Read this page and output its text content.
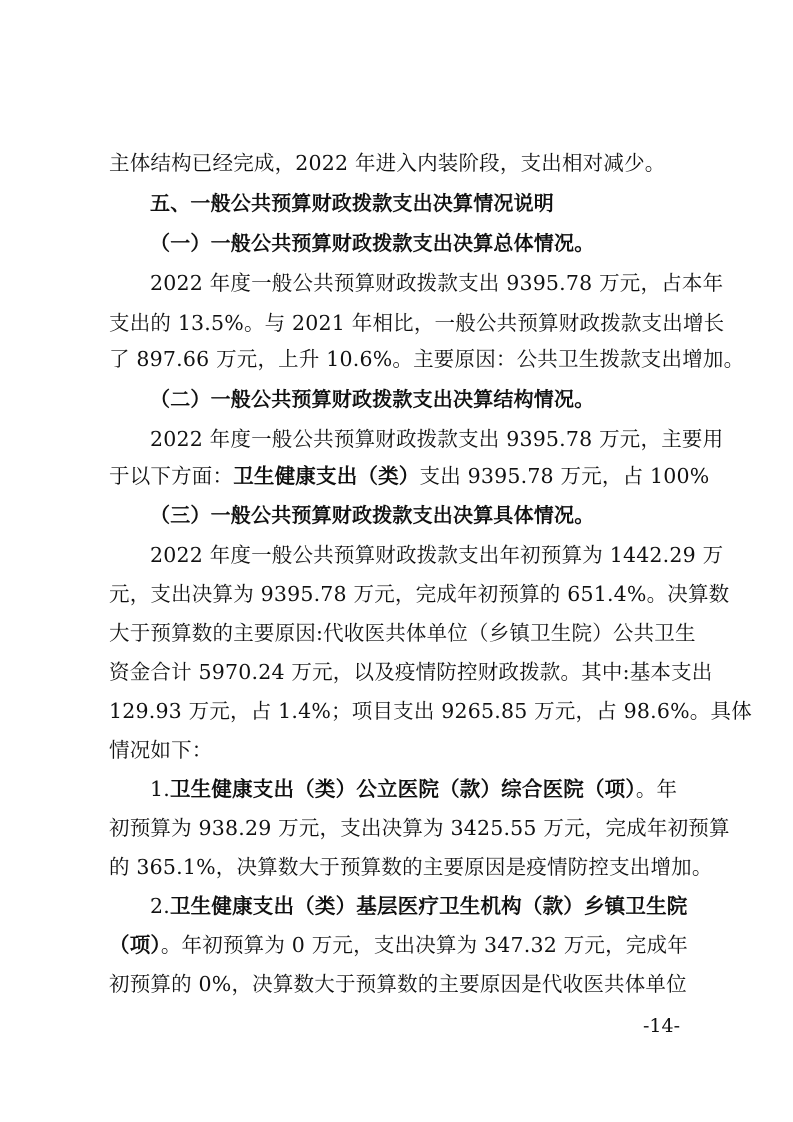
主体结构已经完成，2022 年进入内装阶段，支出相对减少。
五、一般公共预算财政拨款支出决算情况说明
（一）一般公共预算财政拨款支出决算总体情况。
2022 年度一般公共预算财政拨款支出 9395.78 万元，占本年
支出的 13.5%。与 2021 年相比，一般公共预算财政拨款支出增长
了 897.66 万元，上升 10.6%。主要原因：公共卫生拨款支出增加。
（二）一般公共预算财政拨款支出决算结构情况。
2022 年度一般公共预算财政拨款支出 9395.78 万元，主要用
于以下方面：卫生健康支出（类）支出 9395.78 万元，占 100%
（三）一般公共预算财政拨款支出决算具体情况。
2022 年度一般公共预算财政拨款支出年初预算为 1442.29 万
元，支出决算为 9395.78 万元，完成年初预算的 651.4%。决算数
大于预算数的主要原因:代收医共体单位（乡镇卫生院）公共卫生
资金合计 5970.24 万元，以及疫情防控财政拨款。其中:基本支出
129.93 万元，占 1.4%；项目支出 9265.85 万元，占 98.6%。具体
情况如下：
1.卫生健康支出（类）公立医院（款）综合医院（项）。年
初预算为 938.29 万元，支出决算为 3425.55 万元，完成年初预算
的 365.1%，决算数大于预算数的主要原因是疫情防控支出增加。
2.卫生健康支出（类）基层医疗卫生机构（款）乡镇卫生院
（项）。年初预算为 0 万元，支出决算为 347.32 万元，完成年
初预算的 0%，决算数大于预算数的主要原因是代收医共体单位
-14-
